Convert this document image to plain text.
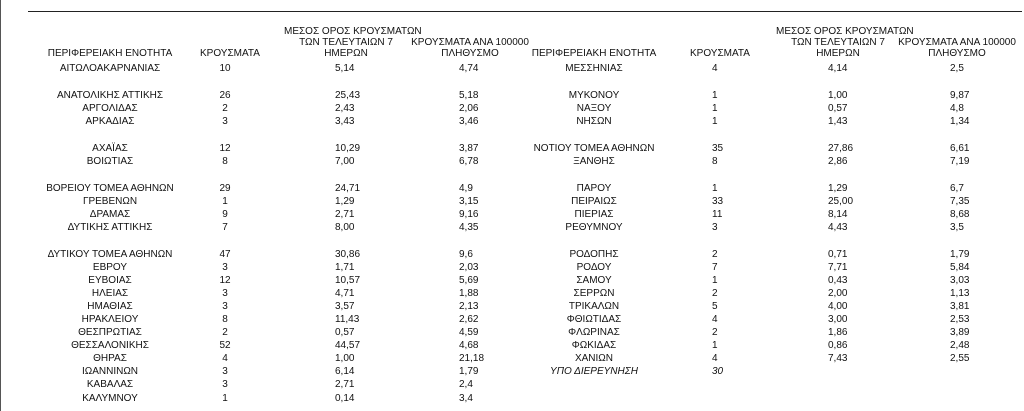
ΠΕΡΙΦΕΡΕΙΑΚΗ ΕΝΟΤΗΤΑ	ΚΡΟΥΣΜΑΤΑ
ΜΕΣΟΣ ΟΡΟΣ ΚΡΟΥΣΜΑΤΩΝ
ΤΩΝ ΤΕΛΕΥΤΑΙΩΝ 7
ΗΜΕΡΩΝ
ΚΡΟΥΣΜΑΤΑ ΑΝΑ 100000
ΠΛΗΘΥΣΜΟ	ΠΕΡΙΦΕΡΕΙΑΚΗ ΕΝΟΤΗΤΑ	ΚΡΟΥΣΜΑΤΑ
ΜΕΣΟΣ ΟΡΟΣ ΚΡΟΥΣΜΑΤΩΝ
ΤΩΝ ΤΕΛΕΥΤΑΙΩΝ 7
ΗΜΕΡΩΝ
ΚΡΟΥΣΜΑΤΑ ΑΝΑ 100000
ΠΛΗΘΥΣΜΟ
ΑΙΤΩΛΟΑΚΑΡΝΑΝΙΑΣ	10	5,14	4,74
ΑΝΑΤΟΛΙΚΗΣ ΑΤΤΙΚΗΣ	26	25,43	5,18
ΑΡΓΟΛΙΔΑΣ	2	2,43	2,06
ΑΡΚΑΔΙΑΣ	3	3,43	3,46
ΑΧΑΪΑΣ	12	10,29	3,87
ΒΟΙΩΤΙΑΣ	8	7,00	6,78
ΒΟΡΕΙΟΥ ΤΟΜΕΑ ΑΘΗΝΩΝ	29	24,71	4,9
ΓΡΕΒΕΝΩΝ	1	1,29	3,15
ΔΡΑΜΑΣ	9	2,71	9,16
ΔΥΤΙΚΗΣ ΑΤΤΙΚΗΣ	7	8,00	4,35
ΔΥΤΙΚΟΥ ΤΟΜΕΑ ΑΘΗΝΩΝ	47	30,86	9,6
ΕΒΡΟΥ	3	1,71	2,03
ΕΥΒΟΙΑΣ	12	10,57	5,69
ΗΛΕΙΑΣ	3	4,71	1,88
ΗΜΑΘΙΑΣ	3	3,57	2,13
ΗΡΑΚΛΕΙΟΥ	8	11,43	2,62
ΘΕΣΠΡΩΤΙΑΣ	2	0,57	4,59
ΘΕΣΣΑΛΟΝΙΚΗΣ	52	44,57	4,68
ΘΗΡΑΣ	4	1,00	21,18
ΙΩΑΝΝΙΝΩΝ	3	6,14	1,79
ΚΑΒΑΛΑΣ	3	2,71	2,4
ΚΑΛΥΜΝΟΥ	1	0,14	3,4
ΜΕΣΣΗΝΙΑΣ	4	4,14	2,5
ΜΥΚΟΝΟΥ	1	1,00	9,87
ΝΑΞΟΥ	1	0,57	4,8
ΝΗΣΩΝ	1	1,43	1,34
ΝΟΤΙΟΥ ΤΟΜΕΑ ΑΘΗΝΩΝ	35	27,86	6,61
ΞΑΝΘΗΣ	8	2,86	7,19
ΠΑΡΟΥ	1	1,29	6,7
ΠΕΙΡΑΙΩΣ	33	25,00	7,35
ΠΙΕΡΙΑΣ	11	8,14	8,68
ΡΕΘΥΜΝΟΥ	3	4,43	3,5
ΡΟΔΟΠΗΣ	2	0,71	1,79
ΡΟΔΟΥ	7	7,71	5,84
ΣΑΜΟΥ	1	0,43	3,03
ΣΕΡΡΩΝ	2	2,00	1,13
ΤΡΙΚΑΛΩΝ	5	4,00	3,81
ΦΘΙΩΤΙΔΑΣ	4	3,00	2,53
ΦΛΩΡΙΝΑΣ	2	1,86	3,89
ΦΩΚΙΔΑΣ	1	0,86	2,48
ΧΑΝΙΩΝ	4	7,43	2,55
ΥΠΟ ΔΙΕΡΕΥΝΗΣΗ	30
